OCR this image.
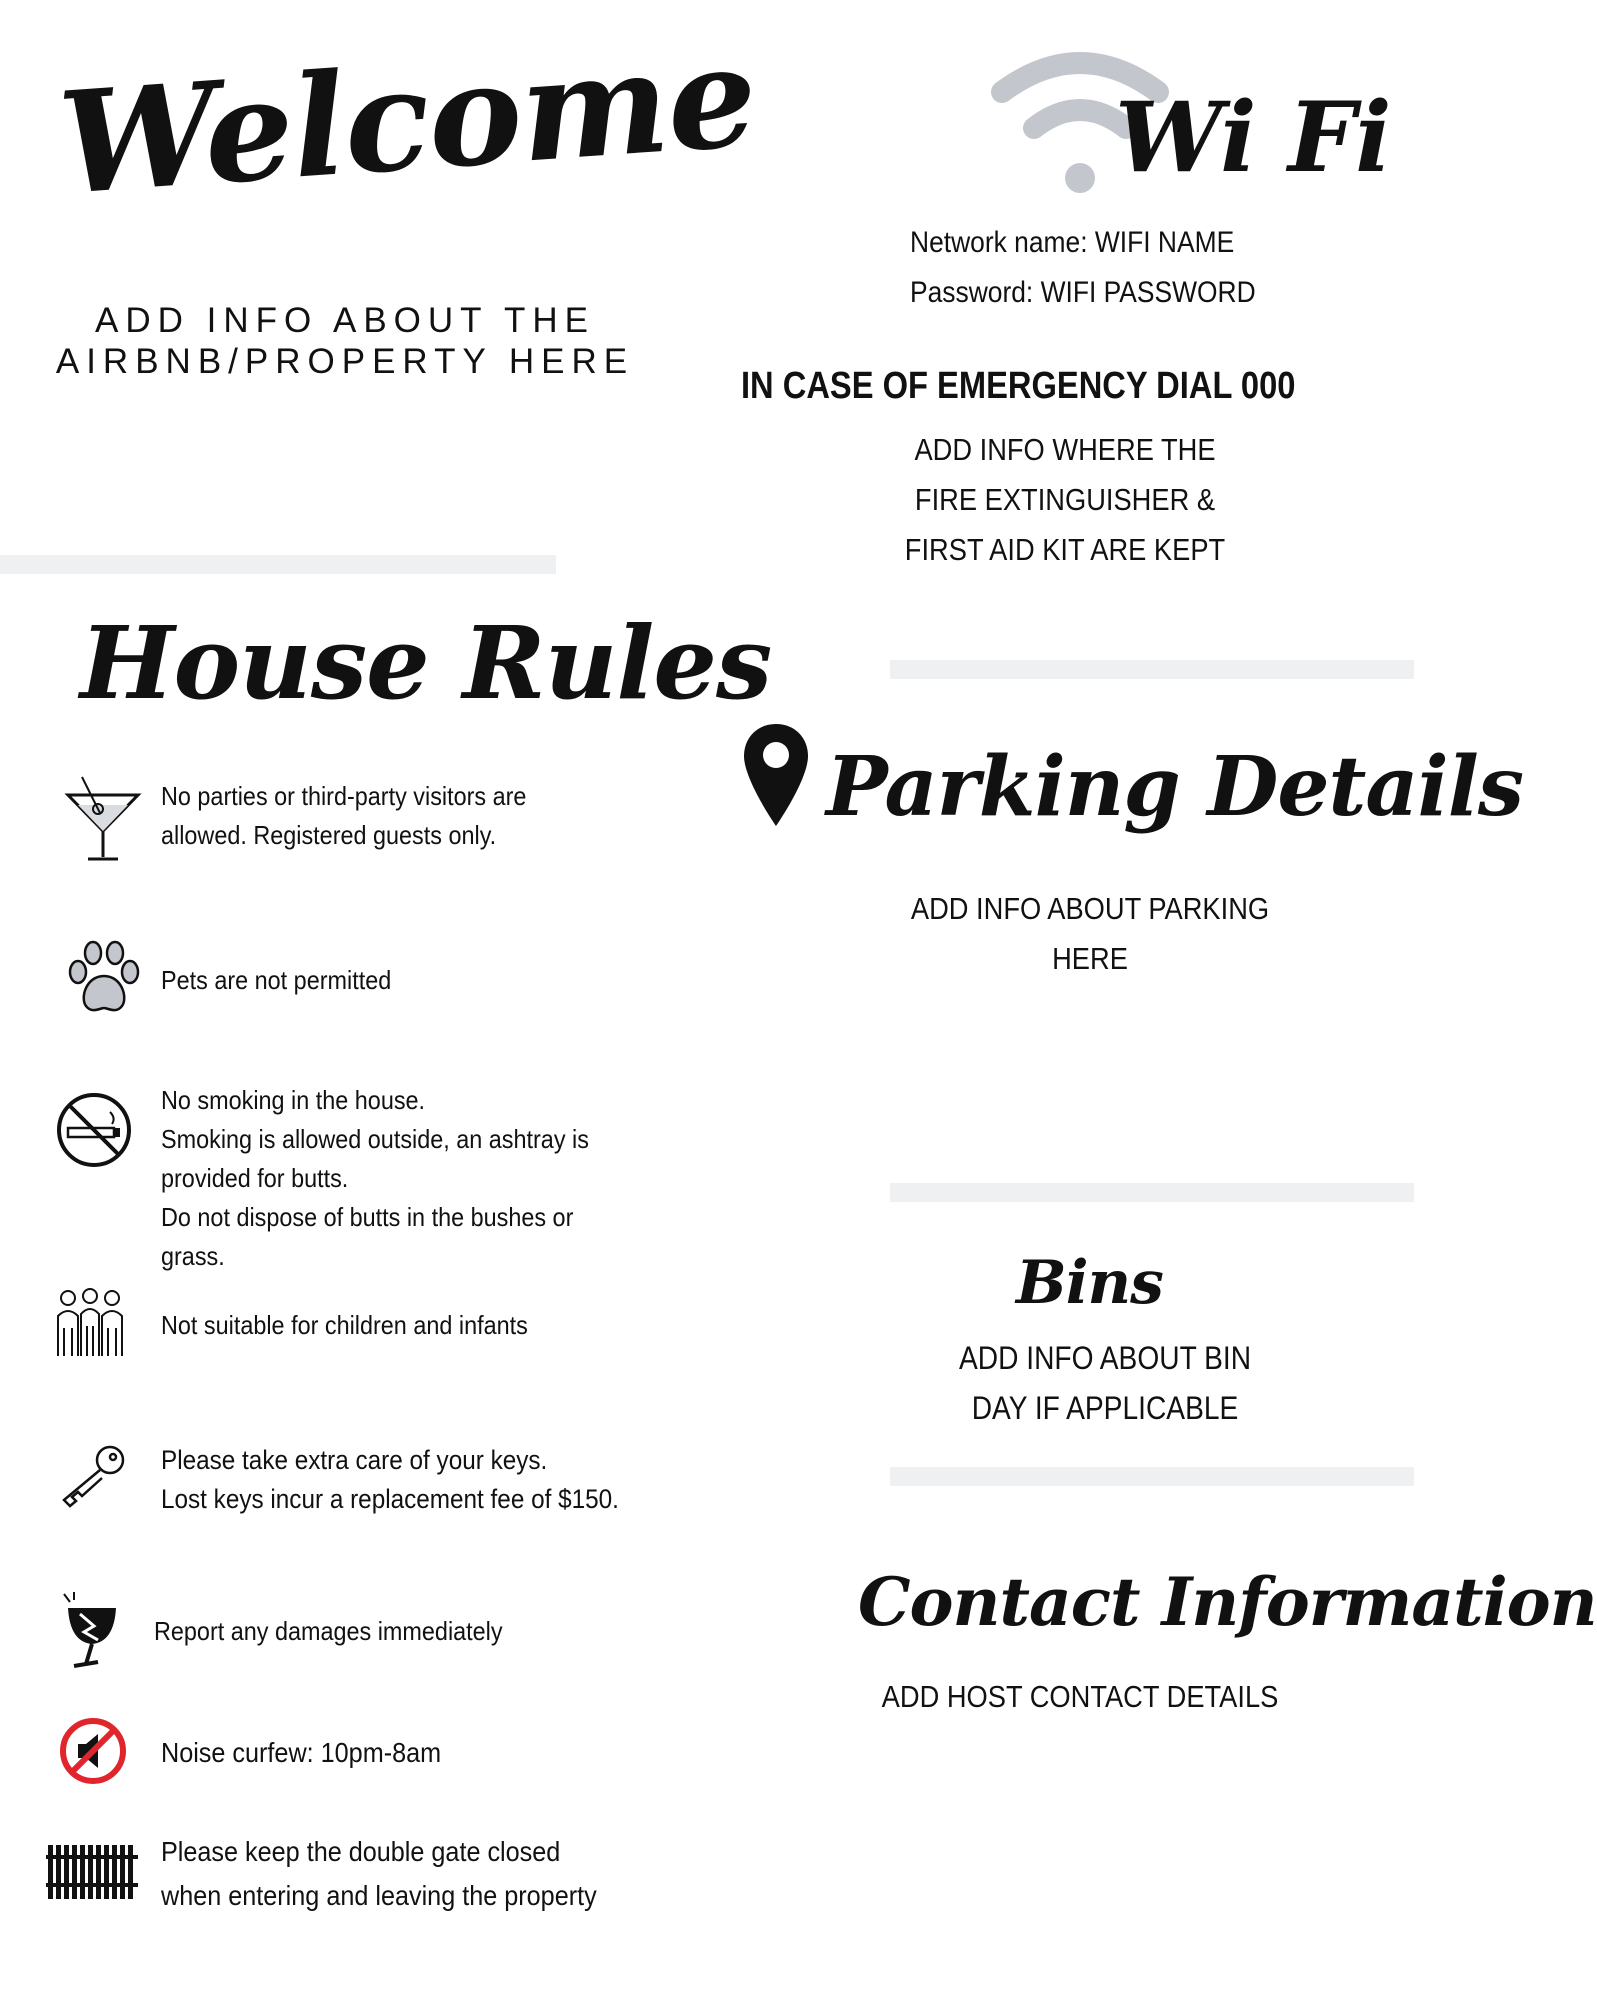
Welcome
ADD INFO ABOUT THE
AIRBNB/PROPERTY HERE
Wi Fi
Network name: WIFI NAME
Password: WIFI PASSWORD
IN CASE OF EMERGENCY DIAL 000
ADD INFO WHERE THE
FIRE EXTINGUISHER &
FIRST AID KIT ARE KEPT
House Rules
No parties or third-party visitors are
allowed. Registered guests only.
Pets are not permitted
No smoking in the house.
Smoking is allowed outside, an ashtray is
provided for butts.
Do not dispose of butts in the bushes or
grass.
Not suitable for children and infants
Please take extra care of your keys.
Lost keys incur a replacement fee of $150.
Report any damages immediately
Noise curfew: 10pm-8am
Please keep the double gate closed
when entering and leaving the property
Parking Details
ADD INFO ABOUT PARKING
HERE
Bins
ADD INFO ABOUT BIN
DAY IF APPLICABLE
Contact Information
ADD HOST CONTACT DETAILS
